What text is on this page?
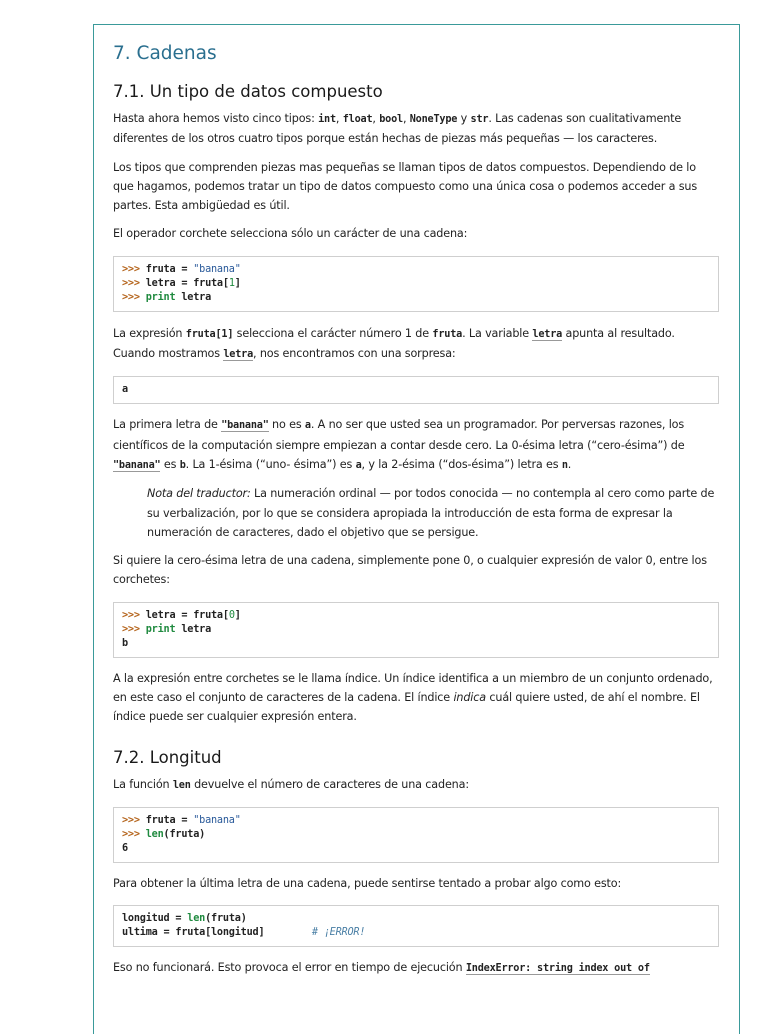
7. Cadenas
7.1. Un tipo de datos compuesto

Hasta ahora hemos visto cinco tipos: int, float, bool, NoneType y str. Las cadenas son cualitativamente diferentes de los otros cuatro tipos porque están hechas de piezas más pequeñas — los caracteres.

Los tipos que comprenden piezas mas pequeñas se llaman tipos de datos compuestos. Dependiendo de lo que hagamos, podemos tratar un tipo de datos compuesto como una única cosa o podemos acceder a sus partes. Esta ambigüedad es útil.

El operador corchete selecciona sólo un carácter de una cadena:

>>> fruta = "banana"
>>> letra = fruta[1]
>>> print letra

La expresión fruta[1] selecciona el carácter número 1 de fruta. La variable letra apunta al resultado. Cuando mostramos letra, nos encontramos con una sorpresa:

a

La primera letra de "banana" no es a. A no ser que usted sea un programador. Por perversas razones, los científicos de la computación siempre empiezan a contar desde cero. La 0-ésima letra (“cero-ésima”) de "banana" es b. La 1-ésima (“uno- ésima”) es a, y la 2-ésima (“dos-ésima”) letra es n.

Nota del traductor: La numeración ordinal — por todos conocida — no contempla al cero como parte de su verbalización, por lo que se considera apropiada la introducción de esta forma de expresar la numeración de caracteres, dado el objetivo que se persigue.

Si quiere la cero-ésima letra de una cadena, simplemente pone 0, o cualquier expresión de valor 0, entre los corchetes:

>>> letra = fruta[0]
>>> print letra
b

A la expresión entre corchetes se le llama índice. Un índice identifica a un miembro de un conjunto ordenado, en este caso el conjunto de caracteres de la cadena. El índice indica cuál quiere usted, de ahí el nombre. El índice puede ser cualquier expresión entera.

7.2. Longitud

La función len devuelve el número de caracteres de una cadena:

>>> fruta = "banana"
>>> len(fruta)
6

Para obtener la última letra de una cadena, puede sentirse tentado a probar algo como esto:

longitud = len(fruta)
ultima = fruta[longitud]	# ¡ERROR!

Eso no funcionará. Esto provoca el error en tiempo de ejecución IndexError: string index out of
